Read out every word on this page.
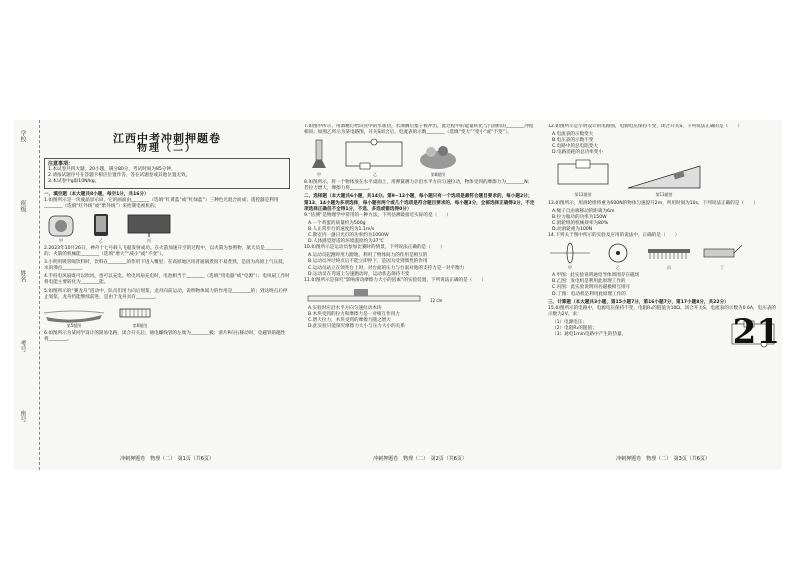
学校
班级
姓名
考号
座号
江西中考冲刺押题卷
物理（二）
注意事项：
1.本试卷共四大题，20小题，满分80分，考试时间为85分钟。
2.请按试题序号在答题卡相应位置作答，答在试题卷或其他位置无效。
3.本试卷中g取10N/kg。
一、填空题（本大题共8小题，每空1分，共16分）
1.如图所示是一块液晶显示屏，它的画面由________（选填“红黄蓝”或“红绿蓝”）三种色光混合而成；遥控器是利用________（选填“红外线”或“紫外线”）来控制电视机的。
甲	乙	丙
2.2023年10月26日，神舟十七号载人飞船发射成功。在火箭加速升空的过程中，以火箭为参照物，航天员是________的；火箭的机械能________（选填“增大”“减小”或“不变”）。
3.小明用吸管喝饮料时，饮料在________的作用下进入嘴里；在高原地区用普通锅煮饭不易煮熟，是因为高原上气压低，水的沸点________。
4.手持电风扇既可以吹风，也可以充电。给电风扇充电时，电池相当于________（选填“用电器”或“电源”）；电风扇工作时将电能主要转化为________能。
5.如图所示的“赛龙舟”活动中，队员们用力向后划桨，龙舟向前运动，说明物体间力的作用是________的；到达终点后停止划桨，龙舟仍能继续前进，是由于龙舟具有________。
第5题图	第6题图
6.如图所示为某同学设计的简易电路，闭合开关后，通电螺线管的左端为________极；滑片P向右移动时，电磁铁的磁性将________。
冲刺押题卷　物理（二）　第1页（共6页）
7.如图甲所示，用酒精灯给试管中的水加热，水沸腾后塞子被冲出，此过程中的能量转化与汽油机的________冲程相同；如图乙所示为某电路图，开关S闭合后，电流表的示数________（选填“变大”“变小”或“不变”）。
甲	乙	第8题图
8.如图所示，将一个物体放在水平桌面上，用弹簧测力计沿水平方向匀速拉动，物体受到的摩擦力为________N；若拉力增大，摩擦力将________。
二、选择题（本大题共6小题，共14分。第9~12小题，每小题只有一个选项是最符合题目要求的，每小题2分；第13、14小题为多项选择，每小题有两个或几个选项是符合题目要求的，每小题3分，全部选择正确得3分，不定项选择正确但不全得1分，不选、多选或错选得0分）
9.“估测”是物理学中常用的一种方法，下列估测最接近实际的是（　　）
A.一个鸡蛋的质量约为500g
B.人正常步行的速度约为1.1m/s
C.教室内一盏日光灯的功率约为1000W
D.人体感觉舒适的环境温度约为37℃
10.如图所示是运动员参加比赛时的情景，下列说法正确的是（　　）
A.运动员起跑时用力蹬地，利用了物体间力的作用是相互的
B.运动员冲过终点后不能立即停下，是因为受到惯性的作用
C.运动员站立在领奖台上时，对台面的压力与台面对他的支持力是一对平衡力
D.运动员在弯道上匀速跑动时，运动状态保持不变
11.如图所示是探究“影响滑动摩擦力大小的因素”的实验装置，下列说法正确的是（　　）
12 cm
A.实验时应沿水平方向匀速拉动木块
B.木块受到的拉力和摩擦力是一对相互作用力
C.增大拉力，木块受到的摩擦力随之增大
D.此实验只能探究摩擦力大小与压力大小的关系
冲刺押题卷　物理（二）　第2页（共6页）
12.如图所示是小明设计的电路图，电源电压保持不变，闭合开关S，下列说法正确的是（　　）
A.电流表的示数变大
B.电压表的示数不变
C.电路中的总电阻变大
D.电路消耗的总功率变小
第12题图	第13题图
13.如图所示，用滑轮组将重为600N的物体匀速提升2m，所用时间为10s，下列说法正确的是（　　）
A.绳子自由端移动的距离为6m
B.拉力做功的功率为150W
C.滑轮组的机械效率为80%
D.动滑轮重为100N
14.下列关于图中所示的实验及应用的说法中，正确的是（　　）
甲	乙	丙	丁
A.甲图：此实验说明通电导体周围存在磁场
B.乙图：发电机是利用此原理工作的
C.丙图：此实验说明同名磁极相互排斥
D.丁图：电动机是利用此原理工作的
三、计算题（本大题共3小题，第15小题7分，第16小题7分，第17小题8分，共22分）
15.如图所示的电路中，电源电压保持不变，电阻R₁的阻值为10Ω。闭合开关S，电流表的示数为0.6A，电压表的示数为2V。求：
（1）电源电压；
（2）电阻R₂的阻值；
（3）通电1min电路中产生的热量。
冲刺押题卷　物理（二）　第3页（共6页）
21
